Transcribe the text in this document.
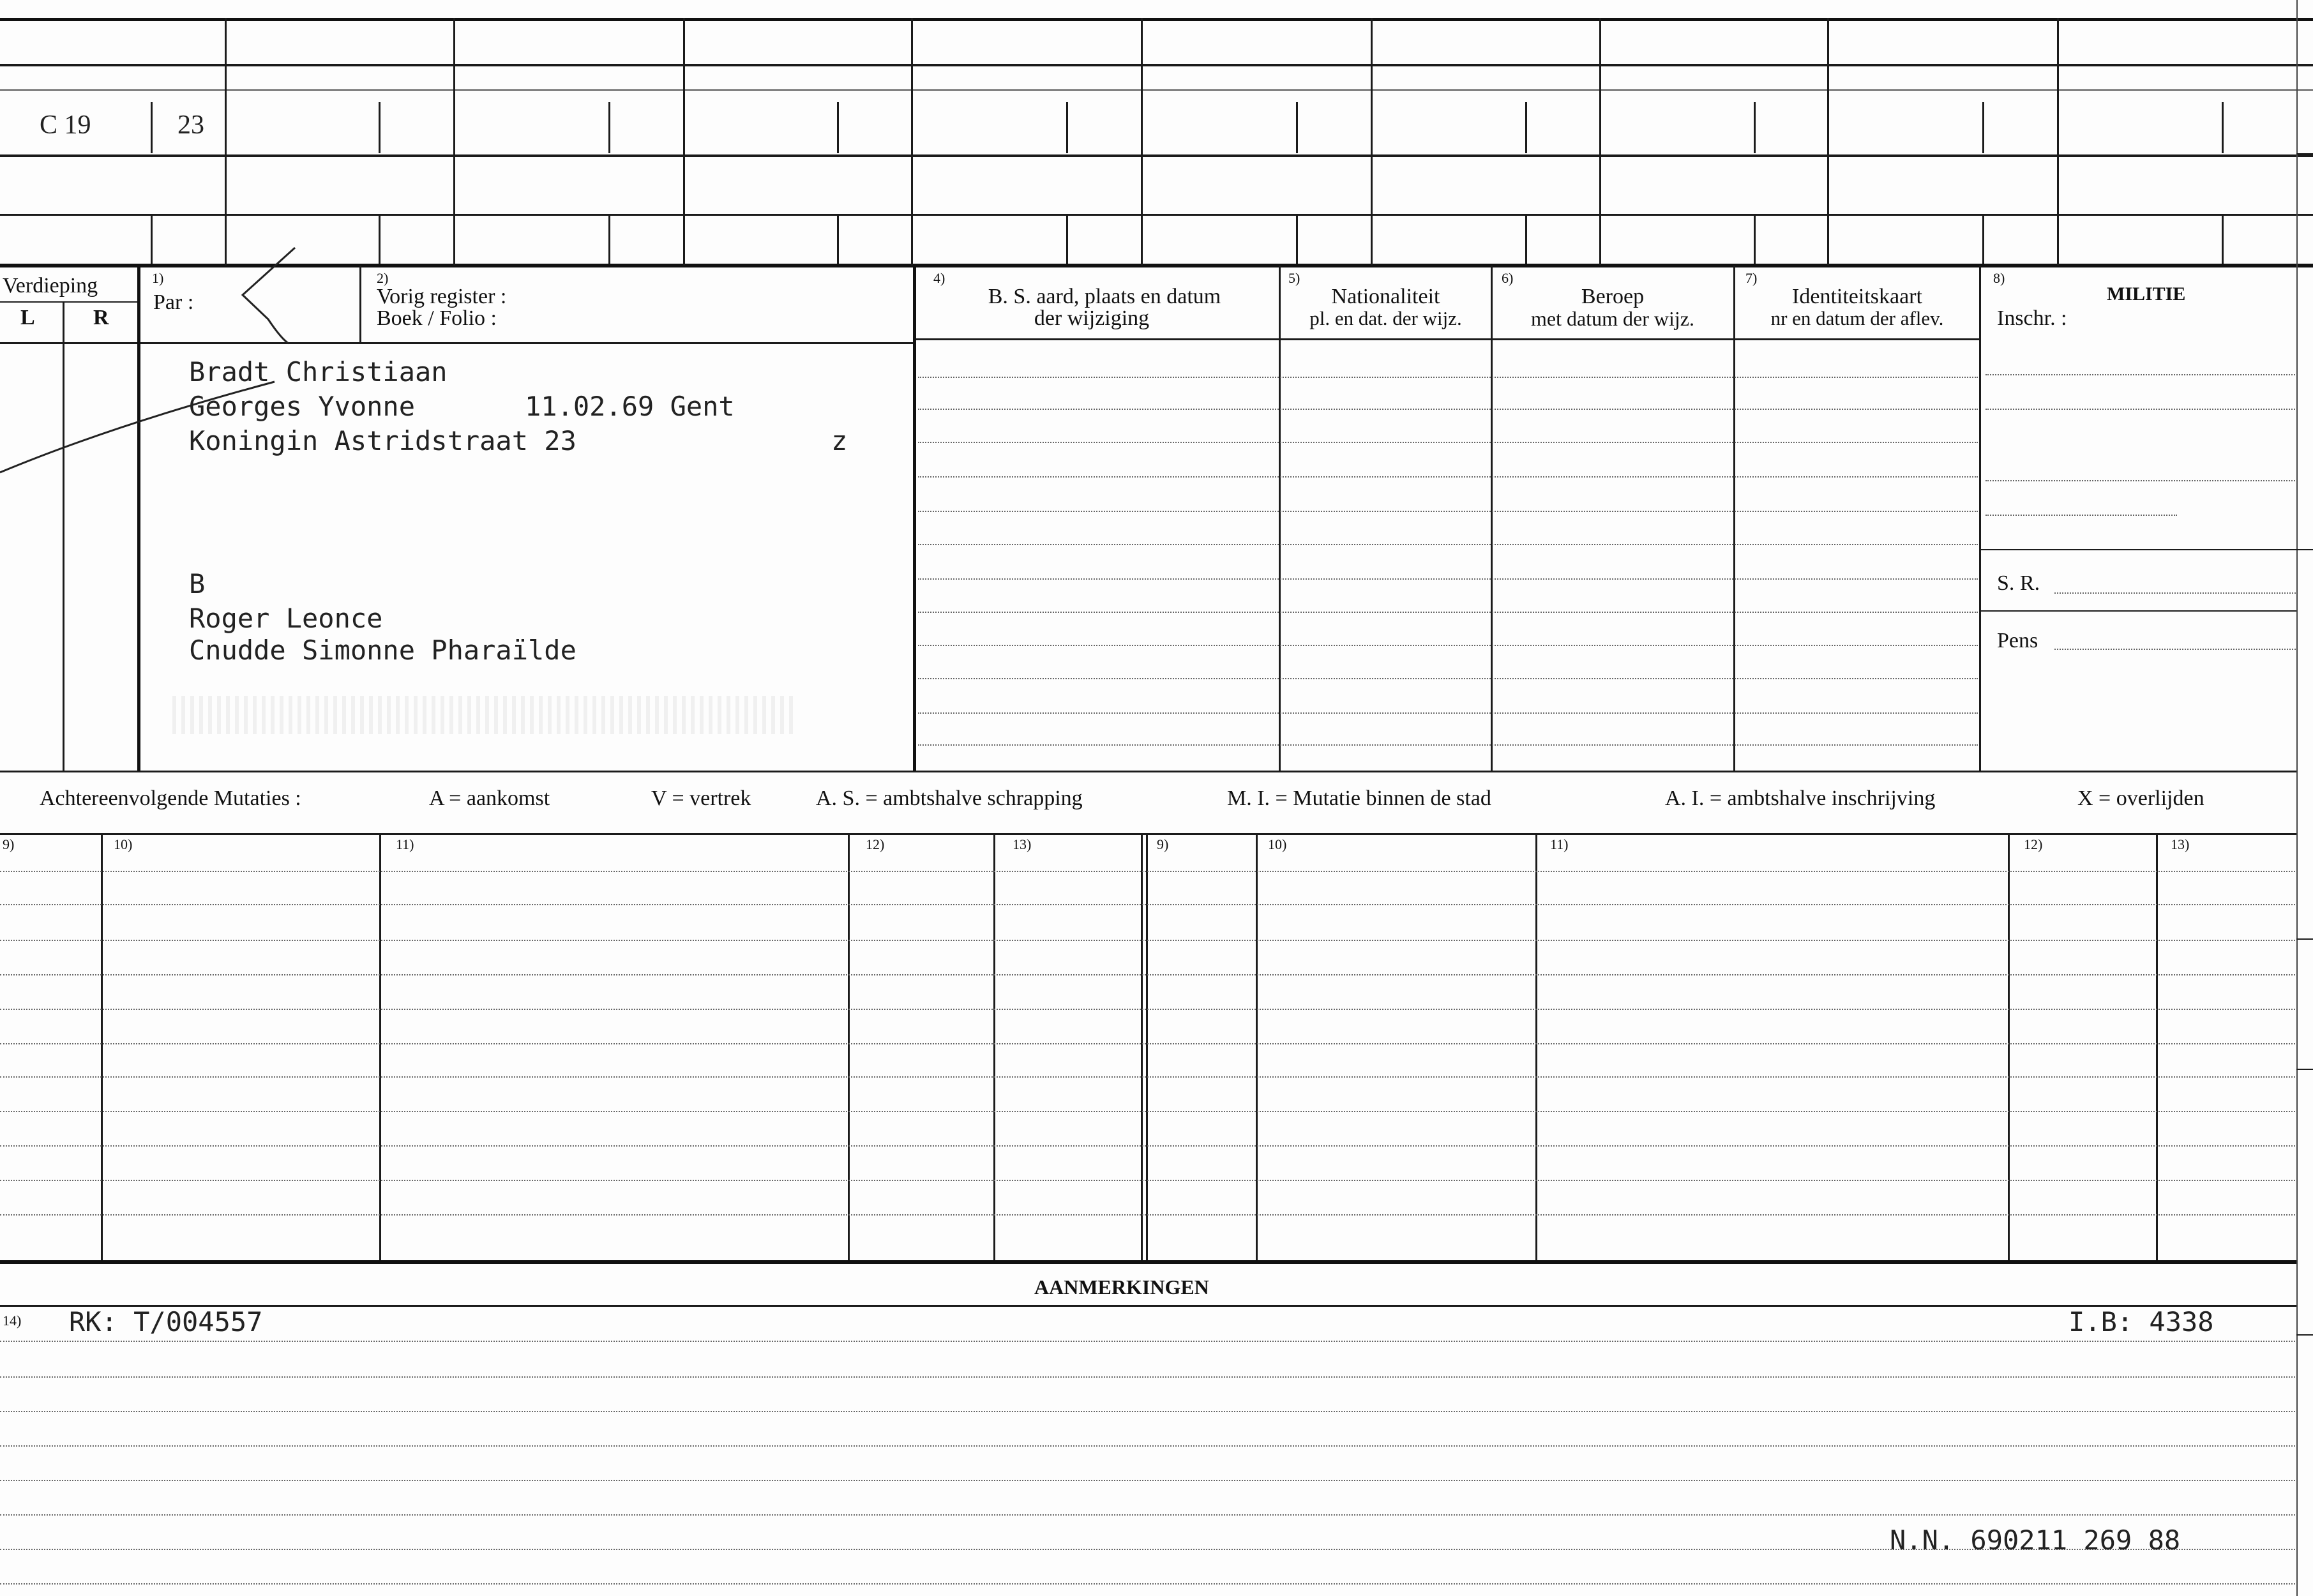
C 19	23
Verdieping
L	R
1)
Par :
2)
Vorig register :
Boek / Folio :
4)
B. S. aard, plaats en datum
der wijziging
5)
Nationaliteit
pl. en dat. der wijz.
6)
Beroep
met datum der wijz.
7)
Identiteitskaart
nr en datum der aflev.
8)
MILITIE
Inschr. :
S. R.
Pens
Bradt Christiaan
Georges Yvonne	11.02.69 Gent
Koningin Astridstraat 23	z
B
Roger Leonce
Cnudde Simonne Pharaïlde
Achtereenvolgende Mutaties :	A = aankomst	V = vertrek	A. S. = ambtshalve schrapping	M. I. = Mutatie binnen de stad	A. I. = ambtshalve inschrijving	X = overlijden
9)	10)	11)	12)	13)	9)	10)	11)	12)	13)
AANMERKINGEN
14) RK: T/004557	I.B: 4338
N.N. 690211 269 88
